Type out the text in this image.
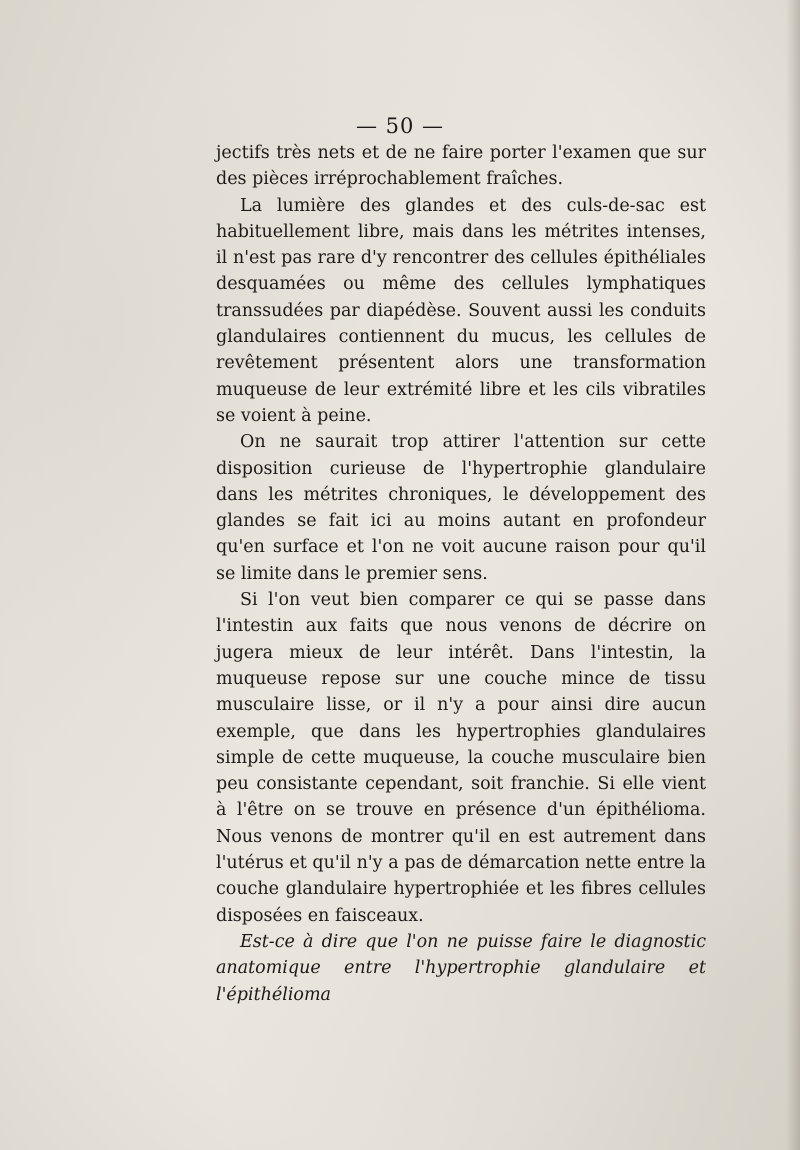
— 50 —

jectifs très nets et de ne faire porter l'examen que sur des pièces irréprochablement fraîches.

La lumière des glandes et des culs-de-sac est habituellement libre, mais dans les métrites intenses, il n'est pas rare d'y rencontrer des cellules épithéliales desquamées ou même des cellules lymphatiques transsudées par diapédèse. Souvent aussi les conduits glandulaires contiennent du mucus, les cellules de revêtement présentent alors une transformation muqueuse de leur extrémité libre et les cils vibratiles se voient à peine.

On ne saurait trop attirer l'attention sur cette disposition curieuse de l'hypertrophie glandulaire dans les métrites chroniques, le développement des glandes se fait ici au moins autant en profondeur qu'en surface et l'on ne voit aucune raison pour qu'il se limite dans le premier sens.

Si l'on veut bien comparer ce qui se passe dans l'intestin aux faits que nous venons de décrire on jugera mieux de leur intérêt. Dans l'intestin, la muqueuse repose sur une couche mince de tissu musculaire lisse, or il n'y a pour ainsi dire aucun exemple, que dans les hypertrophies glandulaires simple de cette muqueuse, la couche musculaire bien peu consistante cependant, soit franchie. Si elle vient à l'être on se trouve en présence d'un épithélioma. Nous venons de montrer qu'il en est autrement dans l'utérus et qu'il n'y a pas de démarcation nette entre la couche glandulaire hypertrophiée et les fibres cellules disposées en faisceaux.

Est-ce à dire que l'on ne puisse faire le diagnostic anatomique entre l'hypertrophie glandulaire et l'épithélioma
